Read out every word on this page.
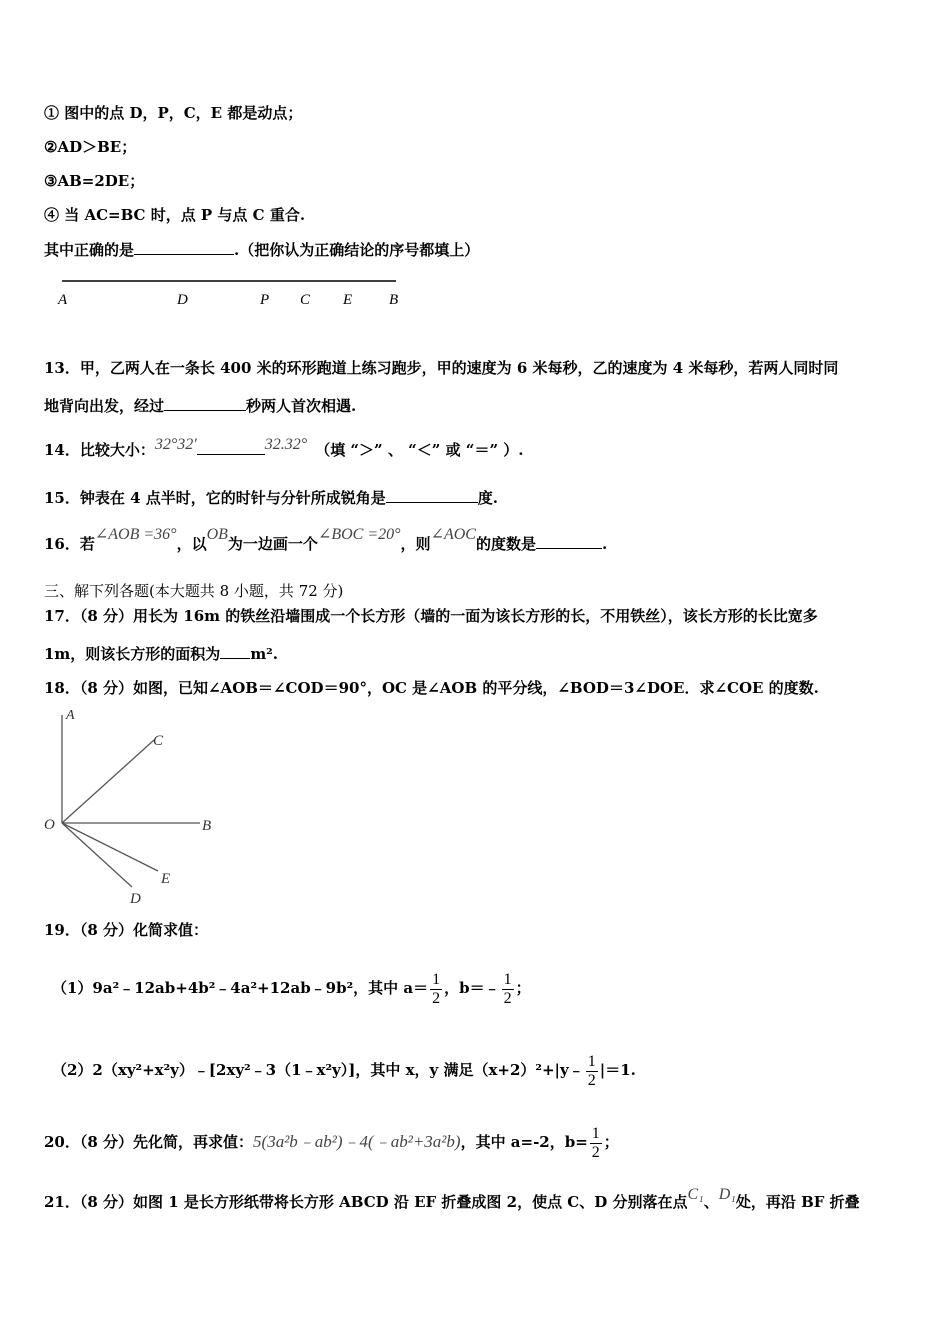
① 图中的点 D，P，C，E 都是动点；
②AD＞BE；
③AB=2DE；
④ 当 AC=BC 时，点 P 与点 C 重合.
其中正确的是	.（把你认为正确结论的序号都填上）
A	D	P C E B
13．甲，乙两人在一条长 400 米的环形跑道上练习跑步，甲的速度为 6 米每秒，乙的速度为 4 米每秒，若两人同时同
地背向出发，经过	秒两人首次相遇.
14．比较大小：32°32′	32.32° （填 “＞” 、 “＜” 或 “＝” ）.
15．钟表在 4 点半时，它的时针与分针所成锐角是	度.
16．若∠AOB =36°，以OB为一边画一个∠BOC =20°，则∠AOC的度数是	.
三、解下列各题(本大题共 8 小题，共 72 分)
17．（8 分）用长为 16m 的铁丝沿墙围成一个长方形（墙的一面为该长方形的长，不用铁丝），该长方形的长比宽多
1m，则该长方形的面积为 m².
18．（8 分）如图，已知∠AOB＝∠COD＝90°，OC 是∠AOB 的平分线，∠BOD＝3∠DOE．求∠COE 的度数.
A
C
O	B
E
D
19．（8 分）化简求值：
（1）9a²﹣12ab+4b²﹣4a²+12ab﹣9b²，其中 $a= \frac{1}{2}$ ，b＝﹣ $\frac{1}{2}$ ；
（2）2（xy²+x²y）﹣[2xy²﹣3（1﹣x²y）]，其中 x，y 满足（x+2）²+|y﹣ $\frac{1}{2} |=1$.
20．（8 分）先化简，再求值：5(3a²b﹣ab²)﹣4(﹣ab²+3a²b)，其中 a=-2，$b= \frac{1}{2}$ ；
21．（8 分）如图 1 是长方形纸带将长方形 ABCD 沿 EF 折叠成图 2，使点 C、D 分别落在点C₁、D₁处，再沿 BF 折叠
